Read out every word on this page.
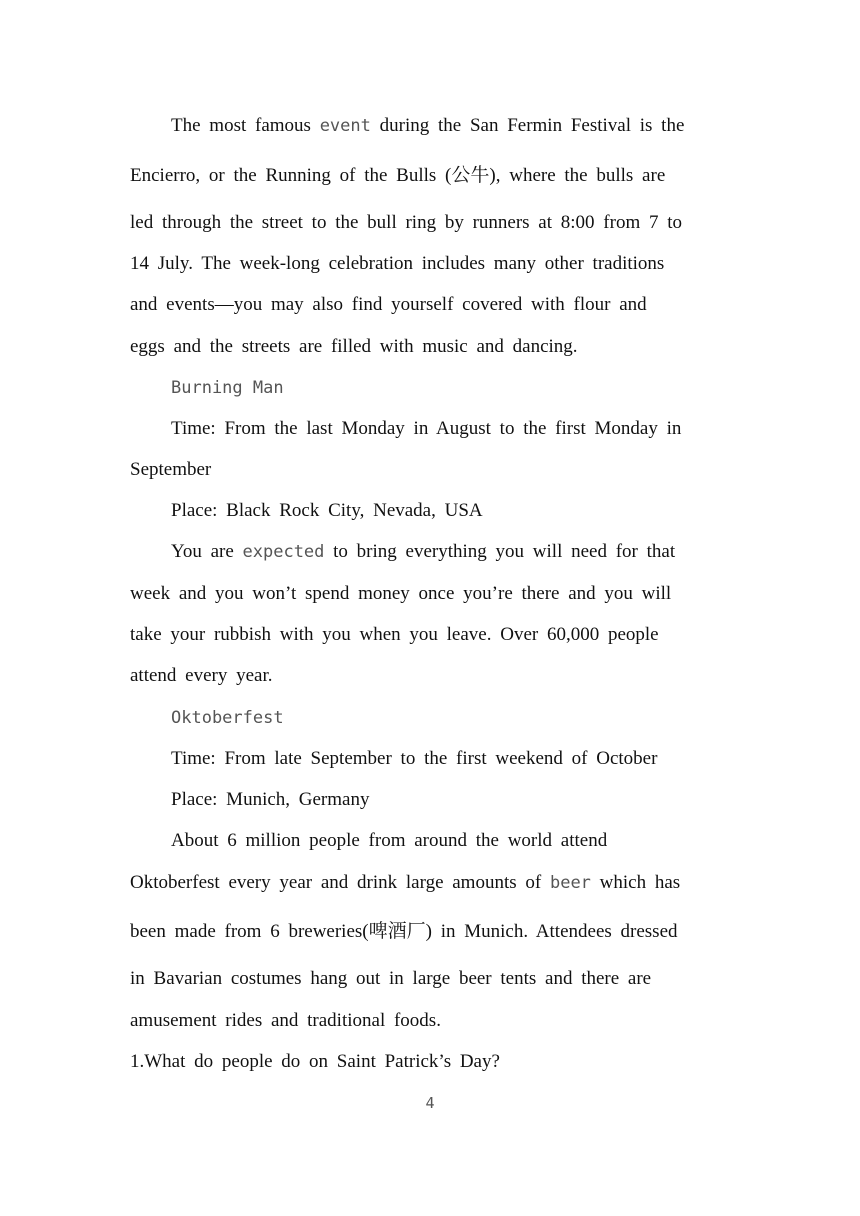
The most famous event during the San Fermin Festival is the
Encierro, or the Running of the Bulls (公牛), where the bulls are
led through the street to the bull ring by runners at 8:00 from 7 to
14 July. The week-long celebration includes many other traditions
and events—you may also find yourself covered with flour and
eggs and the streets are filled with music and dancing.
Burning Man
Time: From the last Monday in August to the first Monday in
September
Place: Black Rock City, Nevada, USA
You are expected to bring everything you will need for that
week and you won’t spend money once you’re there and you will
take your rubbish with you when you leave. Over 60,000 people
attend every year.
Oktoberfest
Time: From late September to the first weekend of October
Place: Munich, Germany
About 6 million people from around the world attend
Oktoberfest every year and drink large amounts of beer which has
been made from 6 breweries(啤酒厂) in Munich. Attendees dressed
in Bavarian costumes hang out in large beer tents and there are
amusement rides and traditional foods.
1.What do people do on Saint Patrick’s Day?
4
